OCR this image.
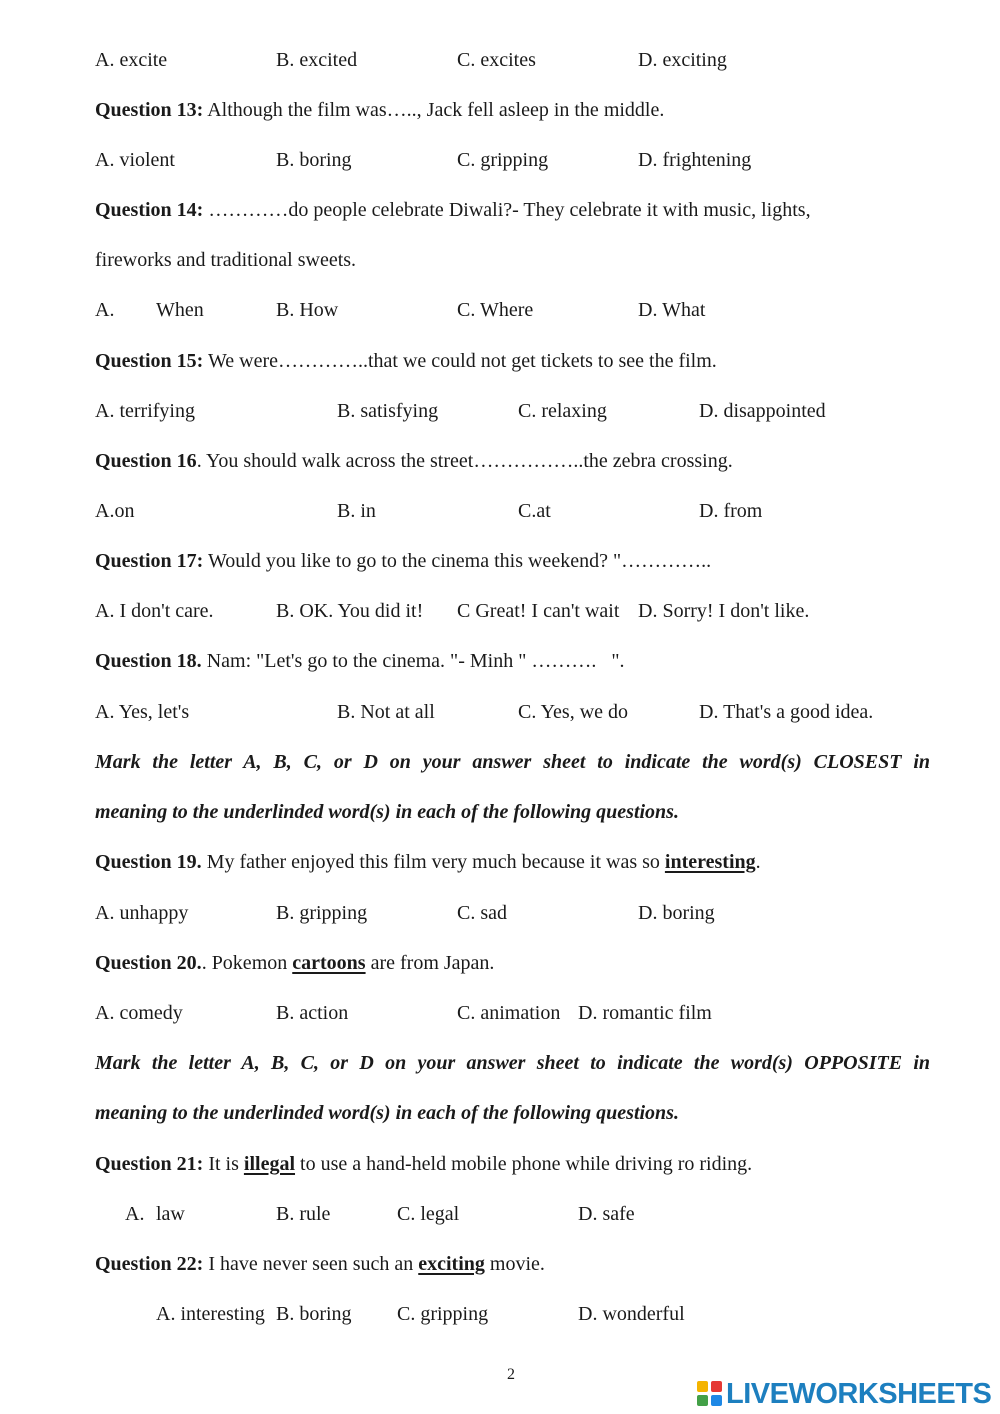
A. excite	B. excited	C. excites	D. exciting
Question 13: Although the film was….., Jack fell asleep in the middle.
A. violent	B. boring	C. gripping	D. frightening
Question 14: …………do people celebrate Diwali?- They celebrate it with music, lights,
fireworks and traditional sweets.
A. When	B. How	C. Where	D. What
Question 15: We were…………..that we could not get tickets to see the film.
A. terrifying	B. satisfying	C. relaxing	D. disappointed
Question 16. You should walk across the street……………..the zebra crossing.
A.on	B. in	C.at	D. from
Question 17: Would you like to go to the cinema this weekend? "…………..
A. I don't care.	B. OK. You did it! C Great! I can't wait D. Sorry! I don't like.
Question 18. Nam: "Let's go to the cinema. "- Minh " ……….   ".
A. Yes, let's	B. Not at all	C. Yes, we do	D. That's a good idea.
Mark the letter A, B, C, or D on your answer sheet to indicate the word(s) CLOSEST in
meaning to the underlinded word(s) in each of the following questions.
Question 19. My father enjoyed this film very much because it was so interesting.
A. unhappy	B. gripping	C. sad	D. boring
Question 20.. Pokemon cartoons are from Japan.
A. comedy	B. action	C. animation D. romantic film
Mark the letter A, B, C, or D on your answer sheet to indicate the word(s) OPPOSITE in
meaning to the underlinded word(s) in each of the following questions.
Question 21: It is illegal to use a hand-held mobile phone while driving ro riding.
A. law	B. rule	C. legal	D. safe
Question 22: I have never seen such an exciting movie.
A. interesting B. boring C. gripping	D. wonderful
2
LIVEWORKSHEETS
